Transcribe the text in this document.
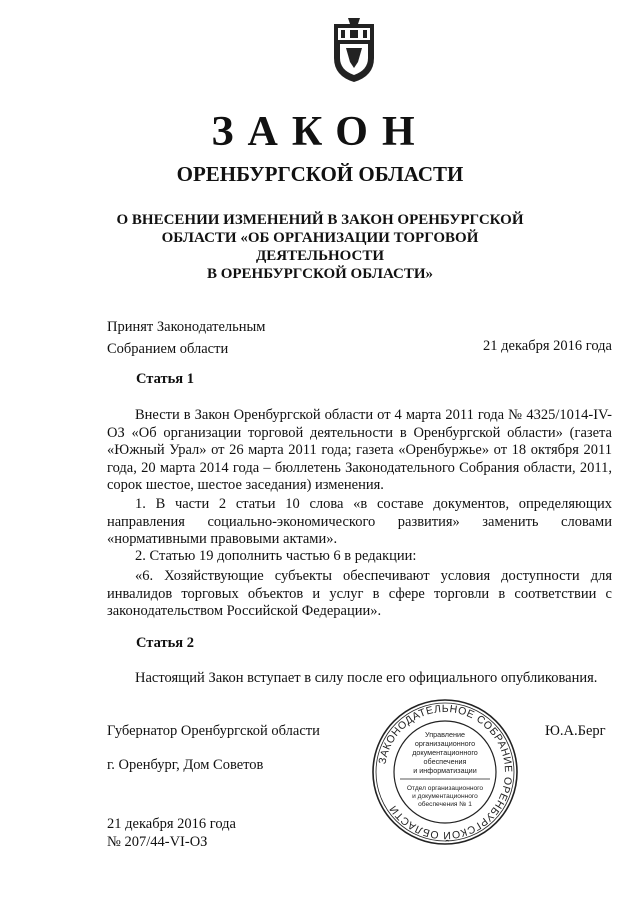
ЗАКОН
ОРЕНБУРГСКОЙ ОБЛАСТИ
О ВНЕСЕНИИ ИЗМЕНЕНИЙ В ЗАКОН ОРЕНБУРГСКОЙ
ОБЛАСТИ «ОБ ОРГАНИЗАЦИИ ТОРГОВОЙ ДЕЯТЕЛЬНОСТИ
В ОРЕНБУРГСКОЙ ОБЛАСТИ»
Принят Законодательным
Собранием области	21 декабря 2016 года
Статья 1
Внести в Закон Оренбургской области от 4 марта 2011 года № 4325/1014-IV-ОЗ «Об организации торговой деятельности в Оренбургской области» (газета «Южный Урал» от 26 марта 2011 года; газета «Оренбуржье» от 18 октября 2011 года, 20 марта 2014 года – бюллетень Законодательного Собрания области, 2011, сорок шестое, шестое заседания) изменения.
1. В части 2 статьи 10 слова «в составе документов, определяющих направления социально-экономического развития» заменить словами «нормативными правовыми актами».
2. Статью 19 дополнить частью 6 в редакции:
«6. Хозяйствующие субъекты обеспечивают условия доступности для инвалидов торговых объектов и услуг в сфере торговли в соответствии с законодательством Российской Федерации».
Статья 2
Настоящий Закон вступает в силу после его официального опубликования.
Губернатор Оренбургской области	Ю.А.Берг
г. Оренбург, Дом Советов
21 декабря 2016 года
№ 207/44-VI-ОЗ
ЗАКОНОДАТЕЛЬНОЕ СОБРАНИЕ ОРЕНБУРГСКОЙ ОБЛАСТИ
Управление
организационного
документационного
обеспечения
и информатизации
Отдел организационного
и документационного
обеспечения № 1
